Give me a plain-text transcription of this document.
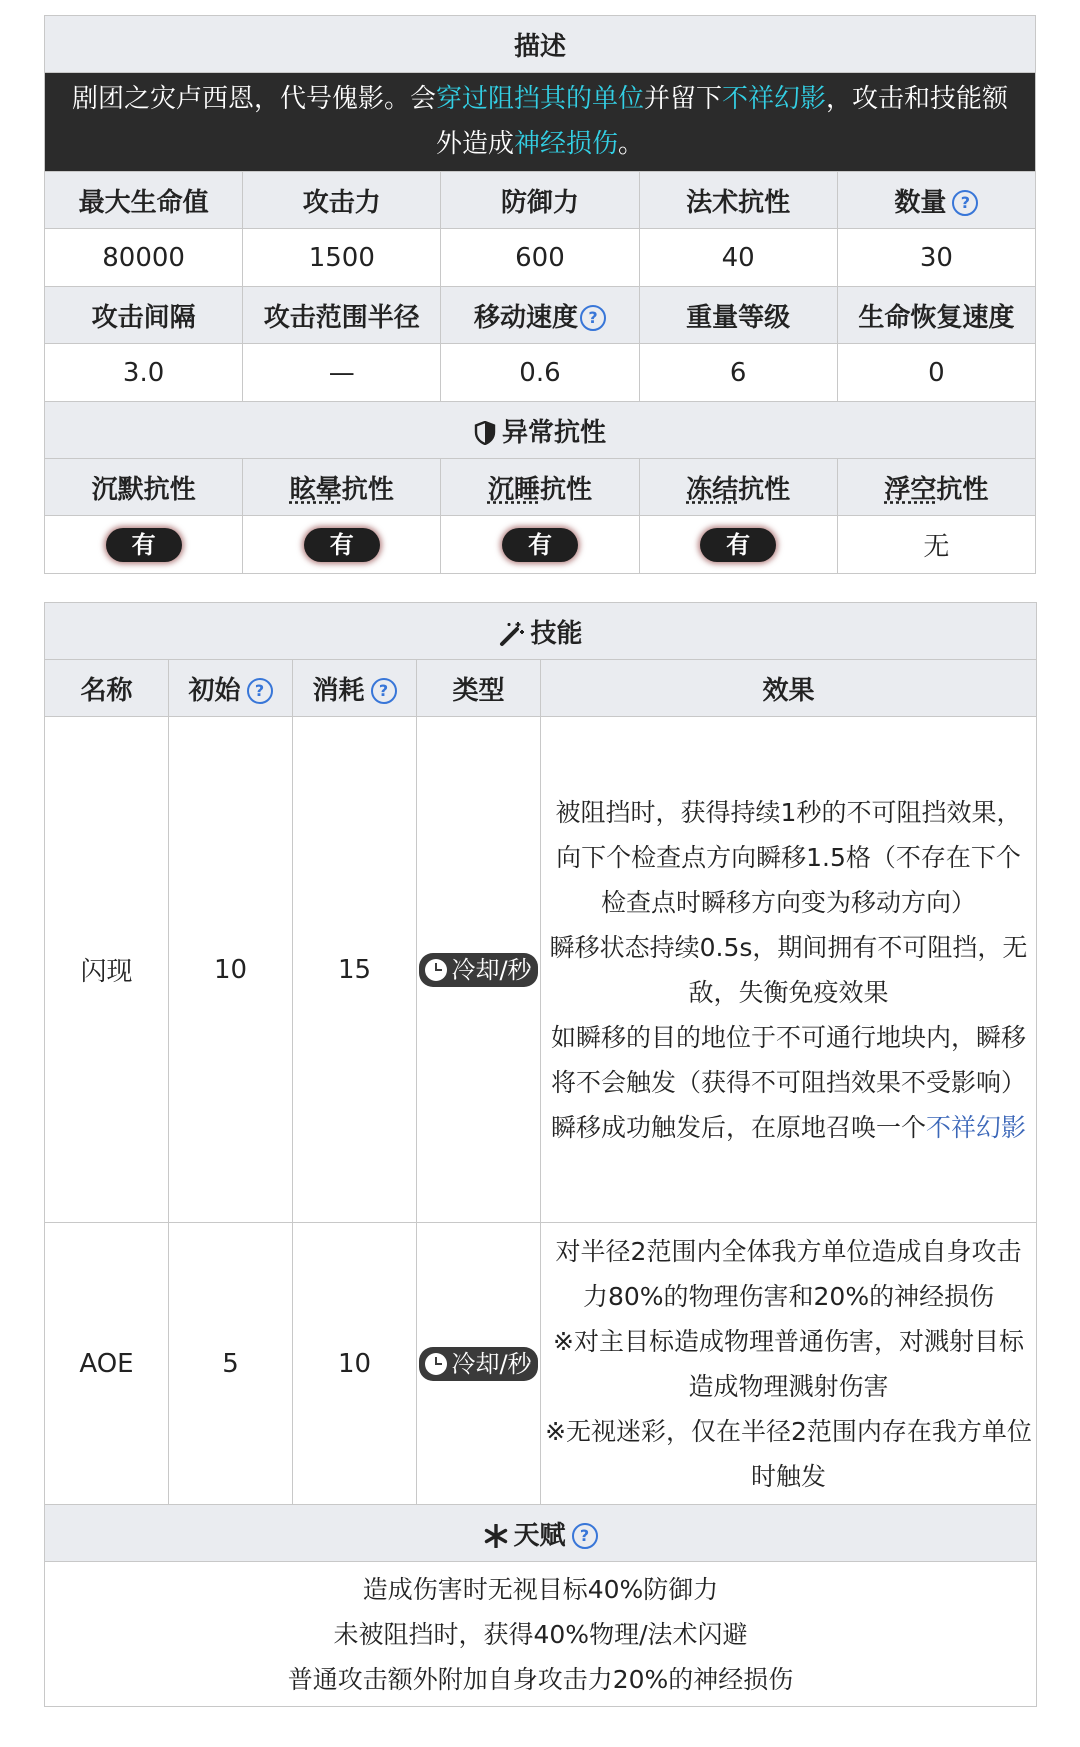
描述				
剧团之灾卢西恩，代号傀影。会穿过阻挡其的单位并留下不祥幻影，攻击和技能额外造成神经损伤。				
最大生命值	攻击力	防御力	法术抗性	数量 ?
80000	1500	600	40	30
攻击间隔	攻击范围半径	移动速度 ?	重量等级	生命恢复速度
3.0	—	0.6	6	0
异常抗性				
沉默抗性	眩晕抗性	沉睡抗性	冻结抗性	浮空抗性
有	有	有	有	无
技能				
名称	初始 ?	消耗 ?	类型	效果
闪现	10	15	冷却/秒	被阻挡时，获得持续1秒的不可阻挡效果，向下个检查点方向瞬移1.5格（不存在下个检查点时瞬移方向变为移动方向）
瞬移状态持续0.5s，期间拥有不可阻挡，无敌，失衡免疫效果
如瞬移的目的地位于不可通行地块内，瞬移将不会触发（获得不可阻挡效果不受影响）
瞬移成功触发后，在原地召唤一个不祥幻影

AOE	5	10	冷却/秒	对半径2范围内全体我方单位造成自身攻击力80%的物理伤害和20%的神经损伤
※对主目标造成物理普通伤害，对溅射目标造成物理溅射伤害
※无视迷彩，仅在半径2范围内存在我方单位时触发

天赋 ?				

造成伤害时无视目标40%防御力
未被阻挡时，获得40%物理/法术闪避
普通攻击额外附加自身攻击力20%的神经损伤				
